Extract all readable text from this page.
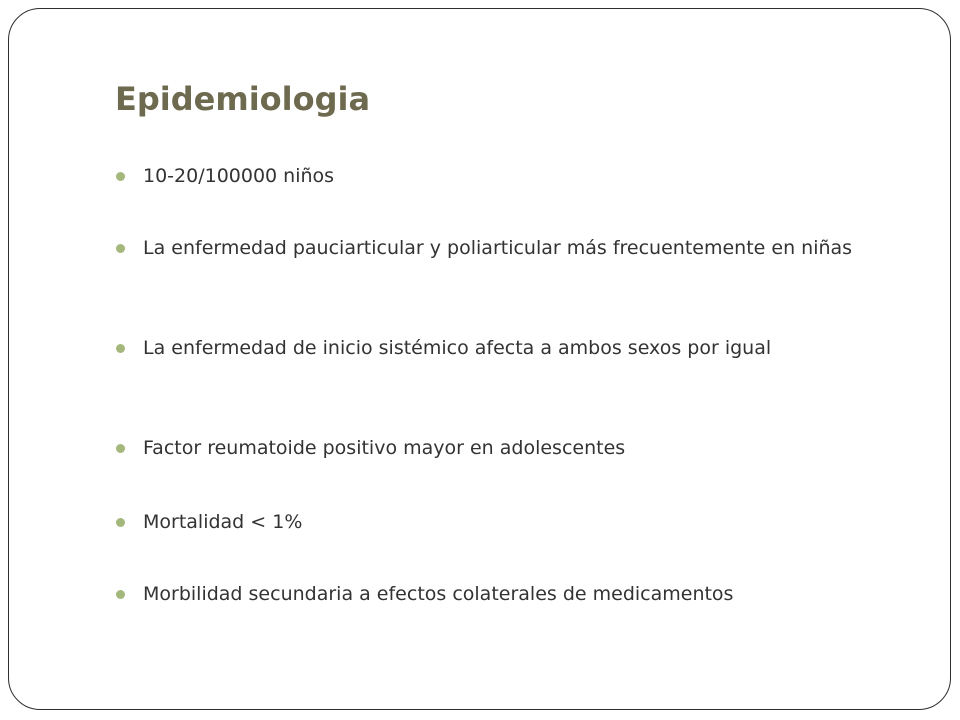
Epidemiologia
10-20/100000 niños
La enfermedad pauciarticular y poliarticular más frecuentemente en niñas
La enfermedad de inicio sistémico afecta a ambos sexos por igual
Factor reumatoide positivo mayor en adolescentes
Mortalidad < 1%
Morbilidad secundaria a efectos colaterales de medicamentos
